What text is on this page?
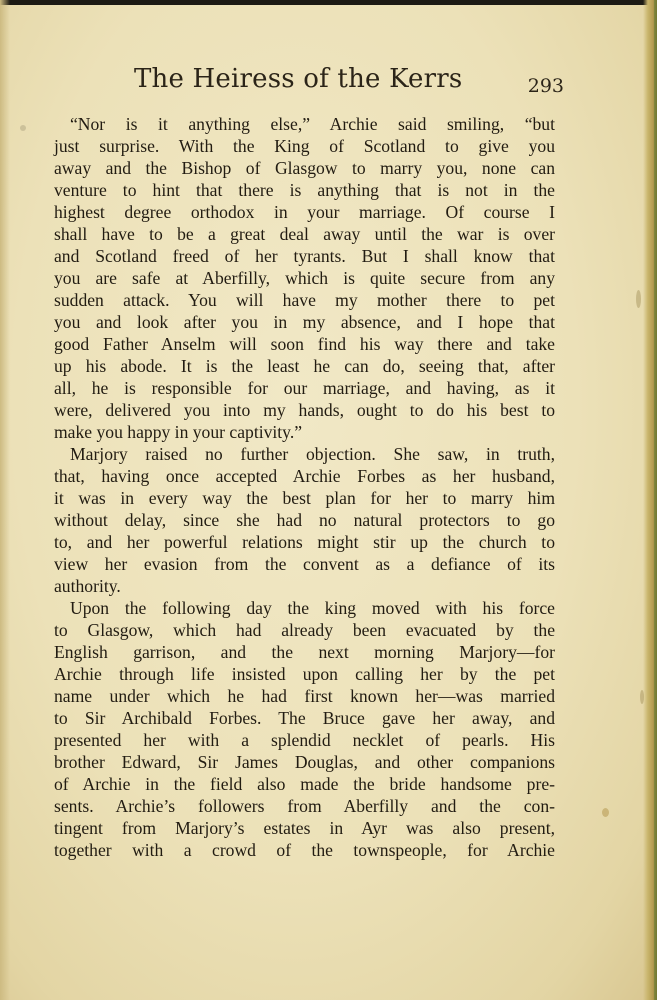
The Heiress of the Kerrs	293
“Nor is it anything else,” Archie said smiling, “but
just surprise. With the King of Scotland to give you
away and the Bishop of Glasgow to marry you, none can
venture to hint that there is anything that is not in the
highest degree orthodox in your marriage. Of course I
shall have to be a great deal away until the war is over
and Scotland freed of her tyrants. But I shall know that
you are safe at Aberfilly, which is quite secure from any
sudden attack. You will have my mother there to pet
you and look after you in my absence, and I hope that
good Father Anselm will soon find his way there and take
up his abode. It is the least he can do, seeing that, after
all, he is responsible for our marriage, and having, as it
were, delivered you into my hands, ought to do his best to
make you happy in your captivity.”
Marjory raised no further objection. She saw, in truth,
that, having once accepted Archie Forbes as her husband,
it was in every way the best plan for her to marry him
without delay, since she had no natural protectors to go
to, and her powerful relations might stir up the church to
view her evasion from the convent as a defiance of its
authority.
Upon the following day the king moved with his force
to Glasgow, which had already been evacuated by the
English garrison, and the next morning Marjory—for
Archie through life insisted upon calling her by the pet
name under which he had first known her—was married
to Sir Archibald Forbes. The Bruce gave her away, and
presented her with a splendid necklet of pearls. His
brother Edward, Sir James Douglas, and other companions
of Archie in the field also made the bride handsome pre-
sents. Archie’s followers from Aberfilly and the con-
tingent from Marjory’s estates in Ayr was also present,
together with a crowd of the townspeople, for Archie
